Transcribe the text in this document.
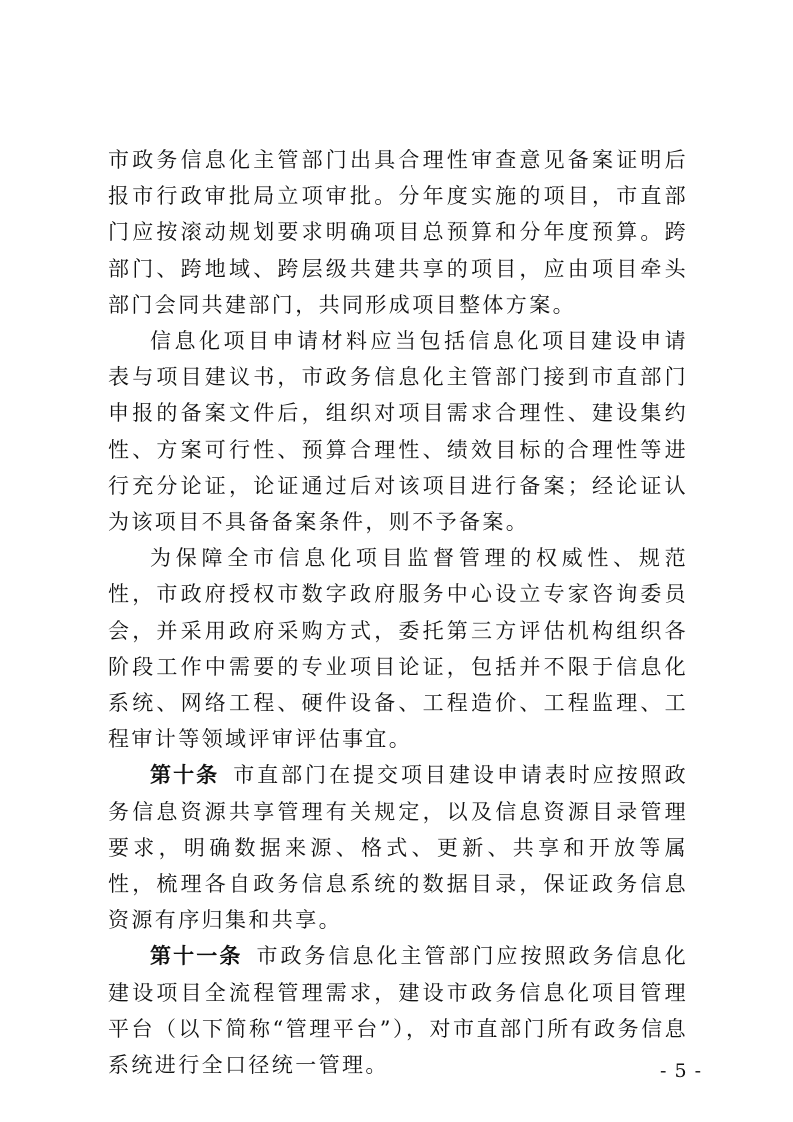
市政务信息化主管部门出具合理性审查意见备案证明后报市行政审批局立项审批。分年度实施的项目，市直部门应按滚动规划要求明确项目总预算和分年度预算。跨部门、跨地域、跨层级共建共享的项目，应由项目牵头部门会同共建部门，共同形成项目整体方案。

信息化项目申请材料应当包括信息化项目建设申请表与项目建议书，市政务信息化主管部门接到市直部门申报的备案文件后，组织对项目需求合理性、建设集约性、方案可行性、预算合理性、绩效目标的合理性等进行充分论证，论证通过后对该项目进行备案；经论证认为该项目不具备备案条件，则不予备案。

为保障全市信息化项目监督管理的权威性、规范性，市政府授权市数字政府服务中心设立专家咨询委员会，并采用政府采购方式，委托第三方评估机构组织各阶段工作中需要的专业项目论证，包括并不限于信息化系统、网络工程、硬件设备、工程造价、工程监理、工程审计等领域评审评估事宜。

第十条 市直部门在提交项目建设申请表时应按照政务信息资源共享管理有关规定，以及信息资源目录管理要求，明确数据来源、格式、更新、共享和开放等属性，梳理各自政务信息系统的数据目录，保证政务信息资源有序归集和共享。

第十一条 市政务信息化主管部门应按照政务信息化建设项目全流程管理需求，建设市政务信息化项目管理平台（以下简称“管理平台”），对市直部门所有政务信息系统进行全口径统一管理。	- 5 -
